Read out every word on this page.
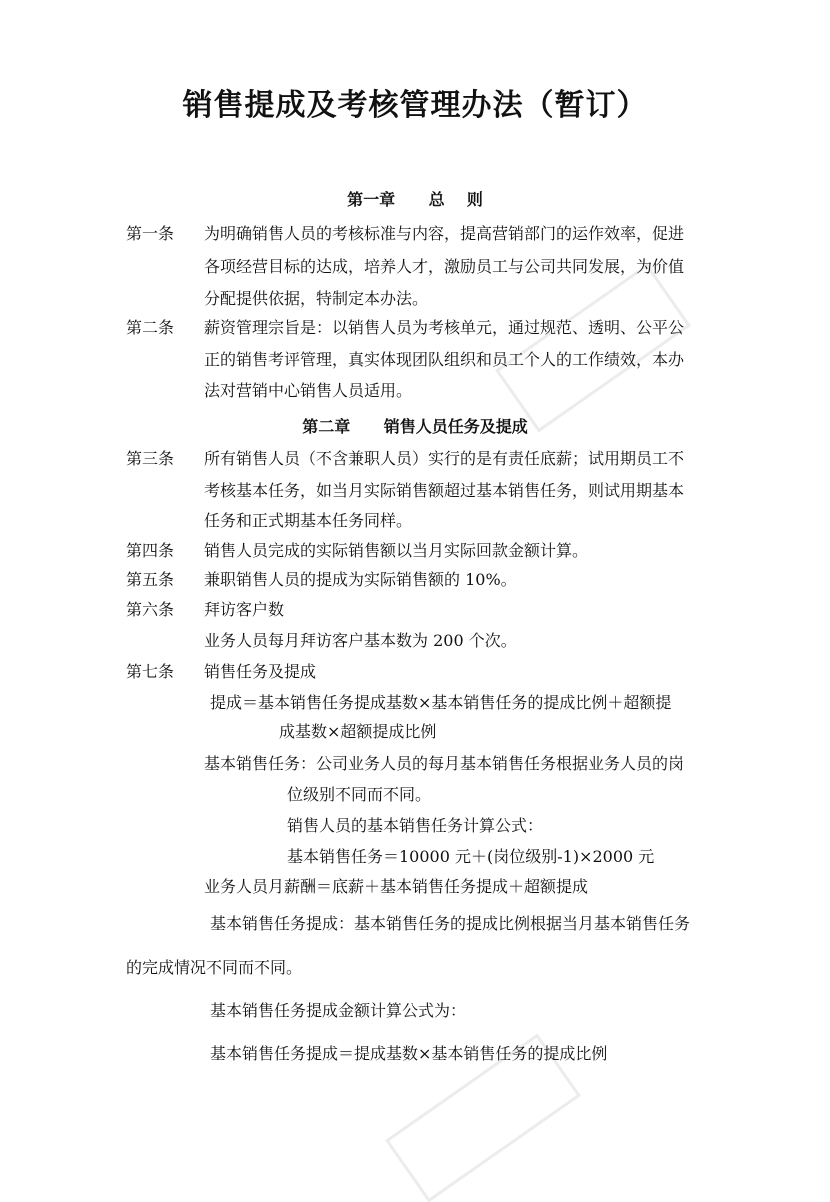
销售提成及考核管理办法（暂订）
第一章      总    则
第一条 为明确销售人员的考核标准与内容，提高营销部门的运作效率，促进
各项经营目标的达成，培养人才，激励员工与公司共同发展，为价值
分配提供依据，特制定本办法。
第二条 薪资管理宗旨是：以销售人员为考核单元，通过规范、透明、公平公
正的销售考评管理，真实体现团队组织和员工个人的工作绩效，本办
法对营销中心销售人员适用。
第二章      销售人员任务及提成
第三条 所有销售人员（不含兼职人员）实行的是有责任底薪；试用期员工不
考核基本任务，如当月实际销售额超过基本销售任务，则试用期基本
任务和正式期基本任务同样。
第四条 销售人员完成的实际销售额以当月实际回款金额计算。
第五条 兼职销售人员的提成为实际销售额的 10%。
第六条 拜访客户数
业务人员每月拜访客户基本数为 200 个次。
第七条 销售任务及提成
提成＝基本销售任务提成基数×基本销售任务的提成比例＋超额提
成基数×超额提成比例
基本销售任务：公司业务人员的每月基本销售任务根据业务人员的岗
位级别不同而不同。
销售人员的基本销售任务计算公式：
基本销售任务＝10000 元＋(岗位级别-1)×2000 元
业务人员月薪酬＝底薪＋基本销售任务提成＋超额提成
基本销售任务提成：基本销售任务的提成比例根据当月基本销售任务
的完成情况不同而不同。
基本销售任务提成金额计算公式为：
基本销售任务提成＝提成基数×基本销售任务的提成比例
